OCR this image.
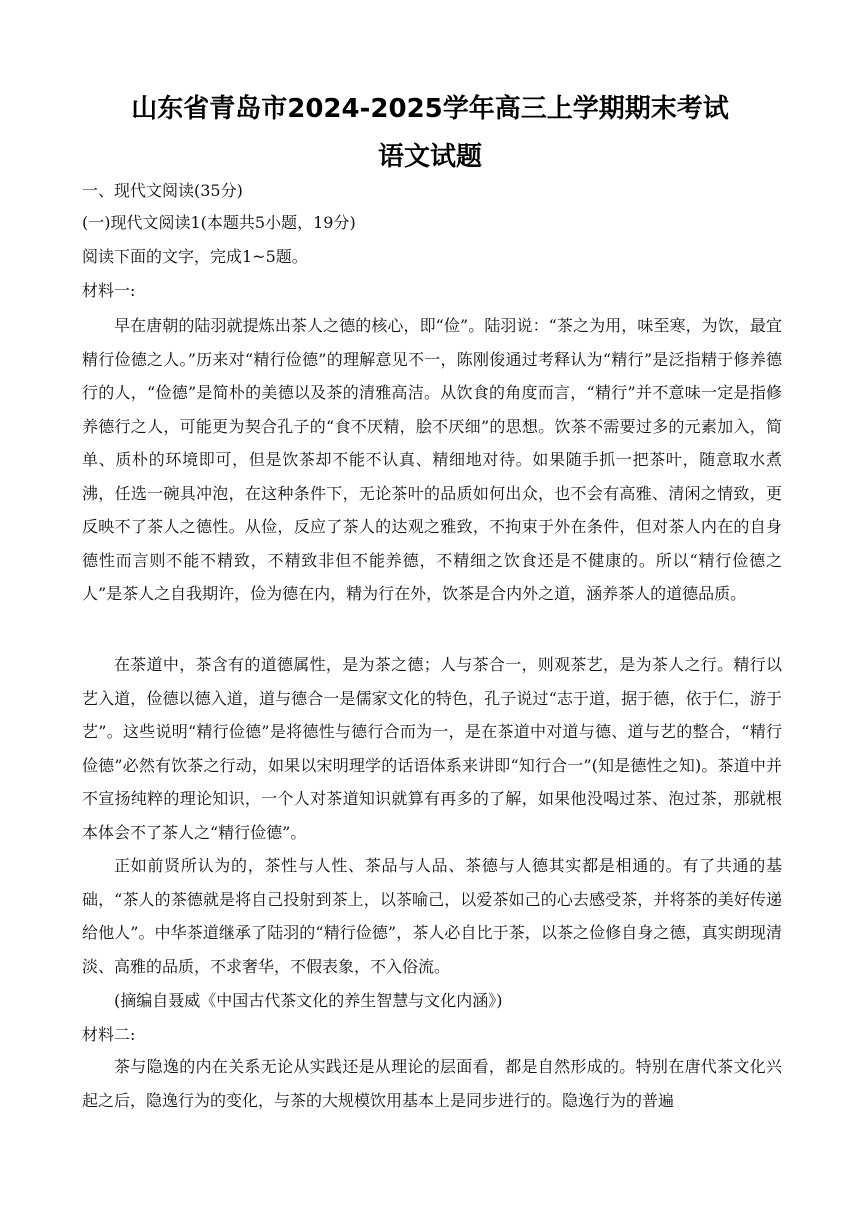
山东省青岛市2024-2025学年高三上学期期末考试
语文试题
一、现代文阅读(35分)
(一)现代文阅读1(本题共5小题，19分)
阅读下面的文字，完成1~5题。
材料一:

早在唐朝的陆羽就提炼出茶人之德的核心，即“俭”。陆羽说：“茶之为用，味至寒，为饮，最宜精行俭德之人。”历来对“精行俭德”的理解意见不一，陈刚俊通过考释认为“精行”是泛指精于修养德行的人，“俭德”是简朴的美德以及茶的清雅高洁。从饮食的角度而言，“精行”并不意味一定是指修养德行之人，可能更为契合孔子的“食不厌精，脍不厌细”的思想。饮茶不需要过多的元素加入，简单、质朴的环境即可，但是饮茶却不能不认真、精细地对待。如果随手抓一把茶叶，随意取水煮沸，任选一碗具冲泡，在这种条件下，无论茶叶的品质如何出众，也不会有高雅、清闲之情致，更反映不了茶人之德性。从俭，反应了茶人的达观之雅致，不拘束于外在条件，但对茶人内在的自身德性而言则不能不精致，不精致非但不能养德，不精细之饮食还是不健康的。所以“精行俭德之人”是茶人之自我期许，俭为德在内，精为行在外，饮茶是合内外之道，涵养茶人的道德品质。

在茶道中，茶含有的道德属性，是为茶之德；人与茶合一，则观茶艺，是为茶人之行。精行以艺入道，俭德以德入道，道与德合一是儒家文化的特色，孔子说过“志于道，据于德，依于仁，游于艺”。这些说明“精行俭德”是将德性与德行合而为一，是在茶道中对道与德、道与艺的整合，“精行俭德”必然有饮茶之行动，如果以宋明理学的话语体系来讲即“知行合一”(知是德性之知)。茶道中并不宣扬纯粹的理论知识，一个人对茶道知识就算有再多的了解，如果他没喝过茶、泡过茶，那就根本体会不了茶人之“精行俭德”。

正如前贤所认为的，茶性与人性、茶品与人品、茶德与人德其实都是相通的。有了共通的基础，“茶人的茶德就是将自己投射到茶上，以茶喻己，以爱茶如己的心去感受茶，并将茶的美好传递给他人”。中华茶道继承了陆羽的“精行俭德”，茶人必自比于茶，以茶之俭修自身之德，真实朗现清淡、高雅的品质，不求奢华，不假表象，不入俗流。

(摘编自聂威《中国古代茶文化的养生智慧与文化内涵》)
材料二:

茶与隐逸的内在关系无论从实践还是从理论的层面看，都是自然形成的。特别在唐代茶文化兴起之后，隐逸行为的变化，与茶的大规模饮用基本上是同步进行的。隐逸行为的普遍
